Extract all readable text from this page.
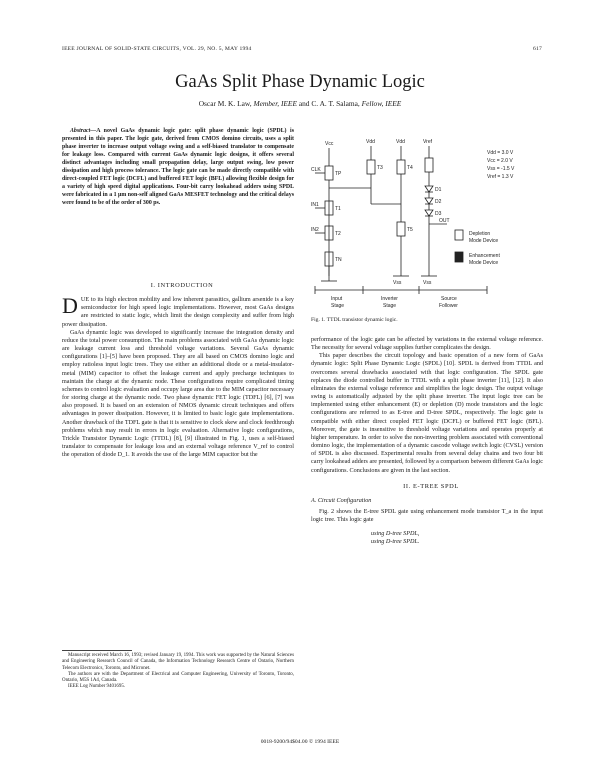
IEEE JOURNAL OF SOLID-STATE CIRCUITS, VOL. 29, NO. 5, MAY 1994	617
GaAs Split Phase Dynamic Logic
Oscar M. K. Law, Member, IEEE and C. A. T. Salama, Fellow, IEEE

Abstract—A novel GaAs dynamic logic gate: split phase dynamic logic (SPDL) is presented in this paper. The logic gate, derived from CMOS domino circuits, uses a split phase inverter to increase output voltage swing and a self-biased translator to compensate for leakage loss. Compared with current GaAs dynamic logic designs, it offers several distinct advantages including small propagation delay, large output swing, low power dissipation and high process tolerance. The logic gate can be made directly compatible with direct-coupled FET logic (DCFL) and buffered FET logic (BFL) allowing flexible design for a variety of high speed digital applications. Four-bit carry lookahead adders using SPDL were fabricated in a 1 μm non-self aligned GaAs MESFET technology and the critical delays were found to be of the order of 300 ps.

I. INTRODUCTION

DUE to its high electron mobility and low inherent parasitics, gallium arsenide is a key semiconductor for high speed logic implementations. However, most GaAs designs are restricted to static logic, which limit the design complexity and suffer from high power dissipation.

GaAs dynamic logic was developed to significantly increase the integration density and reduce the total power consumption. The main problems associated with GaAs dynamic logic are leakage current loss and threshold voltage variations. Several GaAs dynamic configurations [1]–[5] have been proposed. They are all based on CMOS domino logic and employ ratioless input logic trees. They use either an additional diode or a metal-insulator-metal (MIM) capacitor to offset the leakage current and apply precharge techniques to maintain the charge at the dynamic node. These configurations require complicated timing schemes to control logic evaluation and occupy large area due to the MIM capacitor necessary for storing charge at the dynamic node. Two phase dynamic FET logic (TDFL) [6], [7] was also proposed. It is based on an extension of NMOS dynamic circuit techniques and offers advantages in power dissipation. However, it is limited to basic logic gate implementations. Another drawback of the TDFL gate is that it is sensitive to clock skew and clock feedthrough problems which may result in errors in logic evaluation. Alternative logic configurations, Trickle Transistor Dynamic Logic (TTDL) [8], [9] illustrated in Fig. 1, uses a self-biased translator to compensate for leakage loss and an external voltage reference V_ref to control the operation of diode D_1. It avoids the use of the large MIM capacitor but the

Manuscript received March 16, 1993; revised January 19, 1994. This work was supported by the Natural Sciences and Engineering Research Council of Canada, the Information Technology Research Centre of Ontario, Northern Telecom Electronics, Toronto, and Micronet.

The authors are with the Department of Electrical and Computer Engineering, University of Toronto, Toronto, Ontario, M5S 1A4, Canada.

IEEE Log Number 9401695.

Vcc	Vdd	Vdd	Vref
CLK
TP
IN1
T1
IN2
T2
TN
T3	T4
T5
D1
D2
D3
OUT
Vss	Vss
Vdd = 3.0 V
Vcc = 2.0 V
Vss = -1.5 V
Vref = 1.3 V
Depletion
Mode Device
Enhancement
Mode Device
Input
Stage
Inverter
Stage
Source
Follower
Fig. 1. TTDL transistor dynamic logic.

performance of the logic gate can be affected by variations in the external voltage reference. The necessity for several voltage supplies further complicates the design.

This paper describes the circuit topology and basic operation of a new form of GaAs dynamic logic: Split Phase Dynamic Logic (SPDL) [10]. SPDL is derived from TTDL and overcomes several drawbacks associated with that logic configuration. The SPDL gate replaces the diode controlled buffer in TTDL with a split phase inverter [11], [12]. It also eliminates the external voltage reference and simplifies the logic design. The output voltage swing is automatically adjusted by the split phase inverter. The input logic tree can be implemented using either enhancement (E) or depletion (D) mode transistors and the logic configurations are referred to as E-tree and D-tree SPDL, respectively. The logic gate is compatible with either direct coupled FET logic (DCFL) or buffered FET logic (BFL). Moreover, the gate is insensitive to threshold voltage variations and operates properly at higher temperature. In order to solve the non-inverting problem associated with conventional domino logic, the implementation of a dynamic cascode voltage switch logic (CVSL) version of SPDL is also discussed. Experimental results from several delay chains and two four bit carry lookahead adders are presented, followed by a comparison between different GaAs logic configurations. Conclusions are given in the last section.

II. E-TREE SPDL

A. Circuit Configuration

Fig. 2 shows the E-tree SPDL gate using enhancement mode transistor T_a in the input logic tree. This logic gate

using D-tree SPDL,

using D-tree SPDL.

0018-9200/94$04.00 © 1994 IEEE
